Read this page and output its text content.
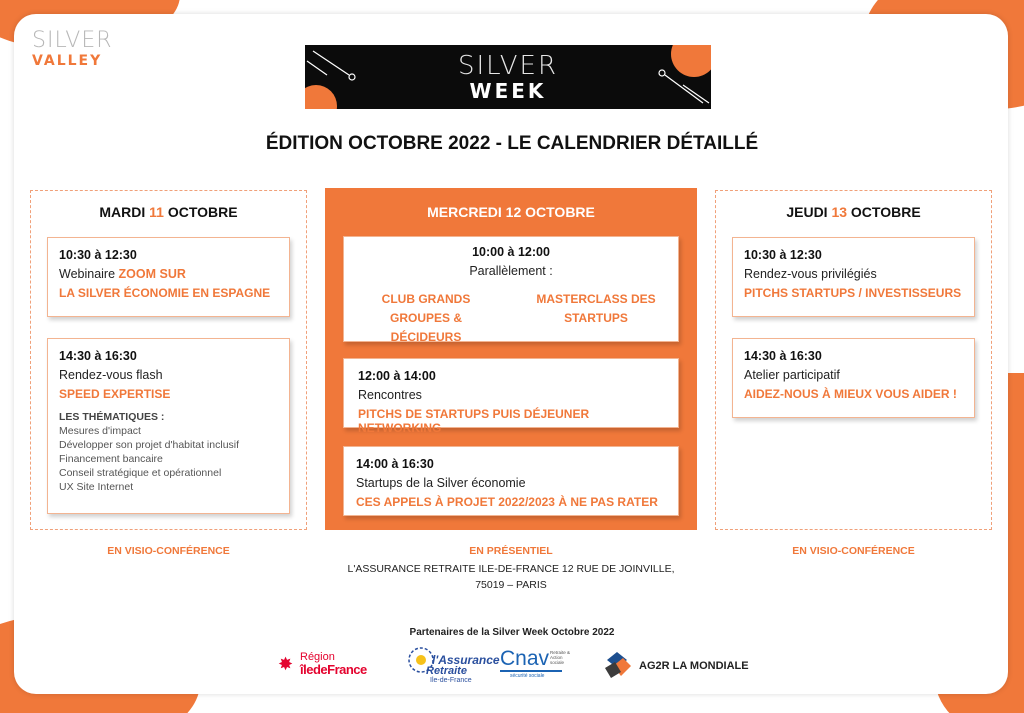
SILVER
VALLEY	SILVER
WEEK
ÉDITION OCTOBRE 2022 - LE CALENDRIER DÉTAILLÉ
MARDI 11 OCTOBRE
10:30 à 12:30
Webinaire ZOOM SUR
LA SILVER ÉCONOMIE EN ESPAGNE
14:30 à 16:30
Rendez-vous flash
SPEED EXPERTISE
LES THÉMATIQUES :
Mesures d'impact
Développer son projet d'habitat inclusif
Financement bancaire
Conseil stratégique et opérationnel
UX Site Internet
MERCREDI 12 OCTOBRE
10:00 à 12:00
Parallèlement :
CLUB GRANDS GROUPES & DÉCIDEURS
MASTERCLASS DES STARTUPS
12:00 à 14:00
Rencontres
PITCHS DE STARTUPS PUIS DÉJEUNER NETWORKING
14:00 à 16:30
Startups de la Silver économie
CES APPELS À PROJET 2022/2023 À NE PAS RATER
JEUDI 13 OCTOBRE
10:30 à 12:30
Rendez-vous privilégiés
PITCHS STARTUPS / INVESTISSEURS
14:30 à 16:30
Atelier participatif
AIDEZ-NOUS À MIEUX VOUS AIDER !
EN VISIO-CONFÉRENCE	EN PRÉSENTIEL	EN VISIO-CONFÉRENCE
L'ASSURANCE RETRAITE ILE-DE-FRANCE 12 RUE DE JOINVILLE,
75019 – PARIS
Partenaires de la Silver Week Octobre 2022
✸ Région
îledeFrance
l'Assurance
Retraite
Ile-de-France
Cnav Retraite & Action sociale
sécurité sociale
AG2R LA MONDIALE
